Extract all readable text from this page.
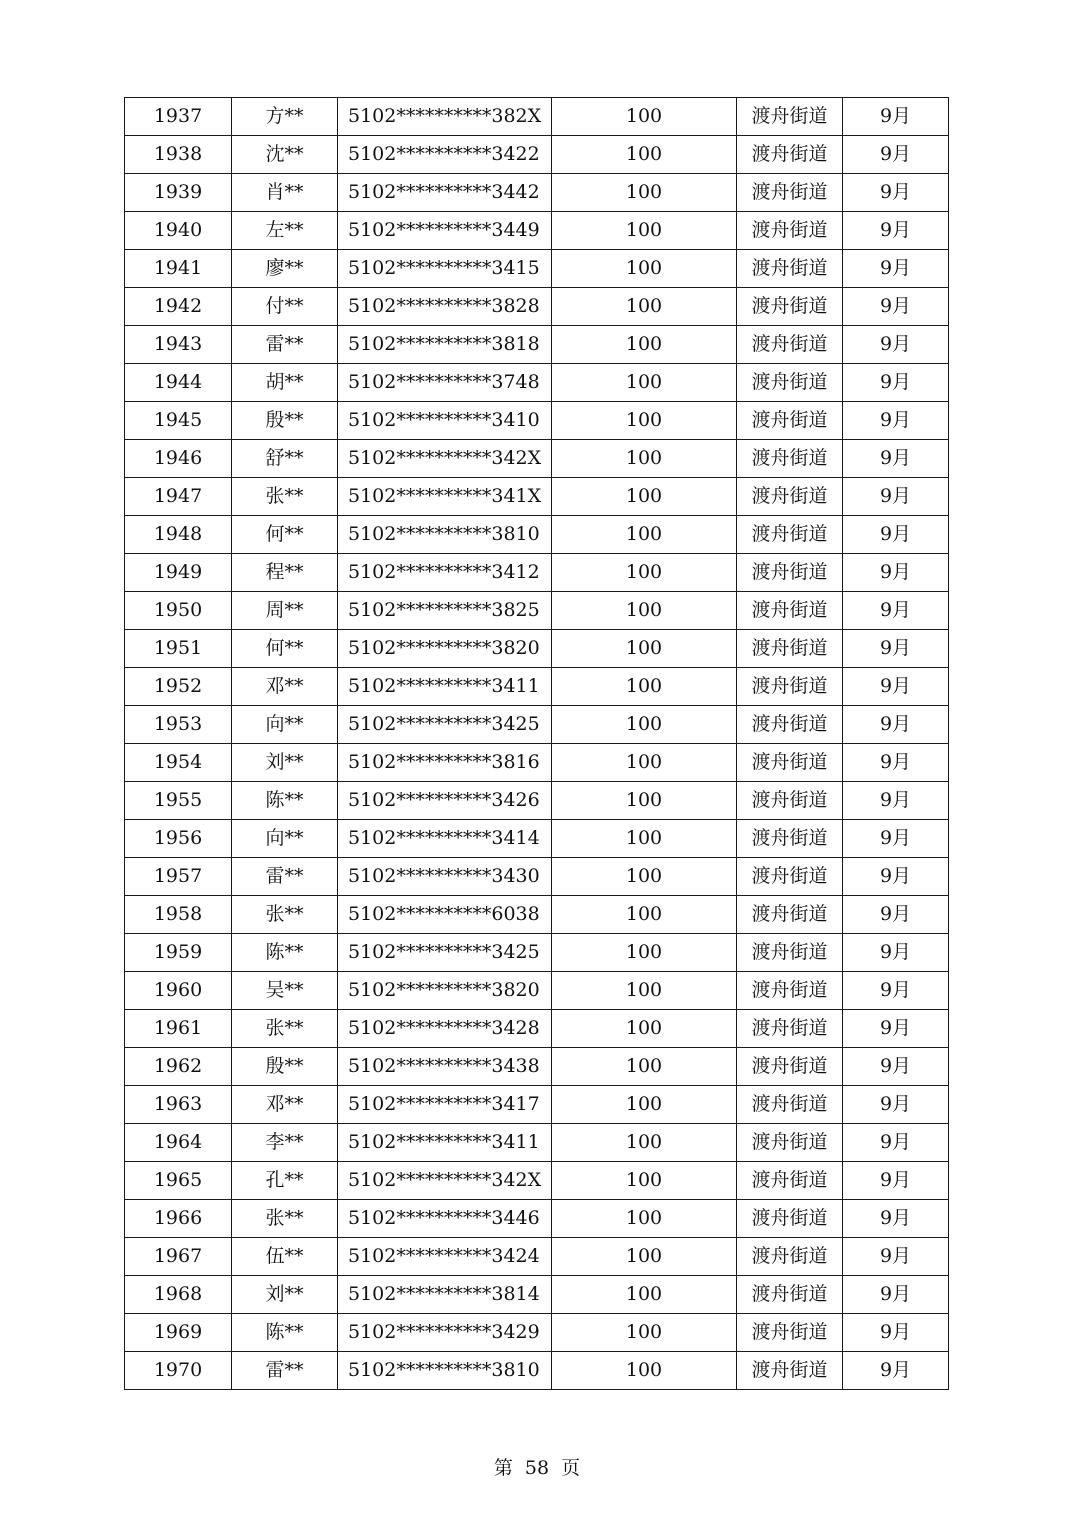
1937	方**	5102**********382X	100	渡舟街道	9月
1938	沈**	5102**********3422	100	渡舟街道	9月
1939	肖**	5102**********3442	100	渡舟街道	9月
1940	左**	5102**********3449	100	渡舟街道	9月
1941	廖**	5102**********3415	100	渡舟街道	9月
1942	付**	5102**********3828	100	渡舟街道	9月
1943	雷**	5102**********3818	100	渡舟街道	9月
1944	胡**	5102**********3748	100	渡舟街道	9月
1945	殷**	5102**********3410	100	渡舟街道	9月
1946	舒**	5102**********342X	100	渡舟街道	9月
1947	张**	5102**********341X	100	渡舟街道	9月
1948	何**	5102**********3810	100	渡舟街道	9月
1949	程**	5102**********3412	100	渡舟街道	9月
1950	周**	5102**********3825	100	渡舟街道	9月
1951	何**	5102**********3820	100	渡舟街道	9月
1952	邓**	5102**********3411	100	渡舟街道	9月
1953	向**	5102**********3425	100	渡舟街道	9月
1954	刘**	5102**********3816	100	渡舟街道	9月
1955	陈**	5102**********3426	100	渡舟街道	9月
1956	向**	5102**********3414	100	渡舟街道	9月
1957	雷**	5102**********3430	100	渡舟街道	9月
1958	张**	5102**********6038	100	渡舟街道	9月
1959	陈**	5102**********3425	100	渡舟街道	9月
1960	吴**	5102**********3820	100	渡舟街道	9月
1961	张**	5102**********3428	100	渡舟街道	9月
1962	殷**	5102**********3438	100	渡舟街道	9月
1963	邓**	5102**********3417	100	渡舟街道	9月
1964	李**	5102**********3411	100	渡舟街道	9月
1965	孔**	5102**********342X	100	渡舟街道	9月
1966	张**	5102**********3446	100	渡舟街道	9月
1967	伍**	5102**********3424	100	渡舟街道	9月
1968	刘**	5102**********3814	100	渡舟街道	9月
1969	陈**	5102**********3429	100	渡舟街道	9月
1970	雷**	5102**********3810	100	渡舟街道	9月
第 58 页
